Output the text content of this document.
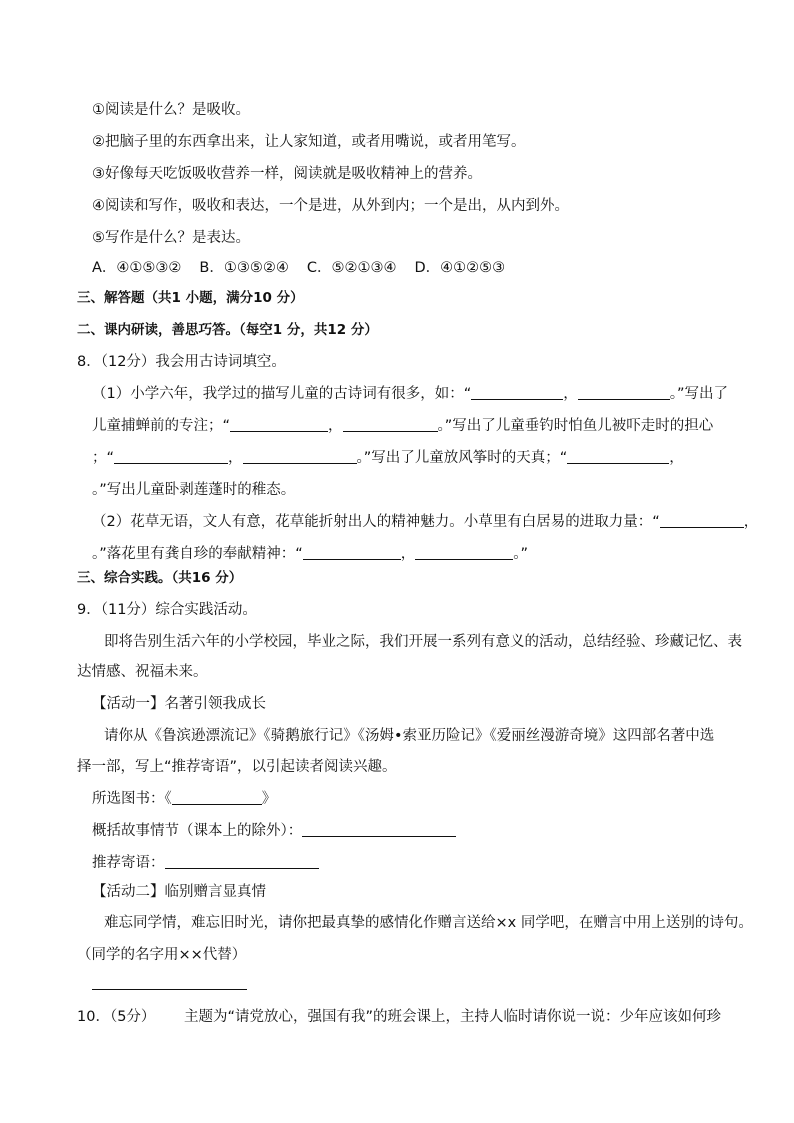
①阅读是什么？是吸收。
②把脑子里的东西拿出来，让人家知道，或者用嘴说，或者用笔写。
③好像每天吃饭吸收营养一样，阅读就是吸收精神上的营养。
④阅读和写作，吸收和表达，一个是进，从外到内；一个是出，从内到外。
⑤写作是什么？是表达。
A．④①⑤③② B．①③⑤②④ C．⑤②①③④ D．④①②⑤③
三、解答题（共1 小题，满分10 分）
二、课内研读，善思巧答。（每空1 分，共12 分）
8．（12分）我会用古诗词填空。
（1）小学六年，我学过的描写儿童的古诗词有很多，如：“	，	。”写出了
儿童捕蝉前的专注；“	，	。”写出了儿童垂钓时怕鱼儿被吓走时的担心
；“	，	。”写出了儿童放风筝时的天真；“	，
。”写出儿童卧剥莲蓬时的稚态。
（2）花草无语，文人有意，花草能折射出人的精神魅力。小草里有白居易的进取力量：“	，
。”落花里有龚自珍的奉献精神：“	，	。”
三、综合实践。（共16 分）
9．（11分）综合实践活动。
即将告别生活六年的小学校园，毕业之际，我们开展一系列有意义的活动，总结经验、珍藏记忆、表
达情感、祝福未来。
【活动一】名著引领我成长
请你从《鲁滨逊漂流记》《骑鹅旅行记》《汤姆•索亚历险记》《爱丽丝漫游奇境》这四部名著中选
择一部，写上“推荐寄语”，以引起读者阅读兴趣。
所选图书：《	》
概括故事情节（课本上的除外）：
推荐寄语：
【活动二】临别赠言显真情
难忘同学情，难忘旧时光，请你把最真挚的感情化作赠言送给×x 同学吧，在赠言中用上送别的诗句。
（同学的名字用××代替）
10．（5分） 主题为“请党放心，强国有我”的班会课上，主持人临时请你说一说：少年应该如何珍
